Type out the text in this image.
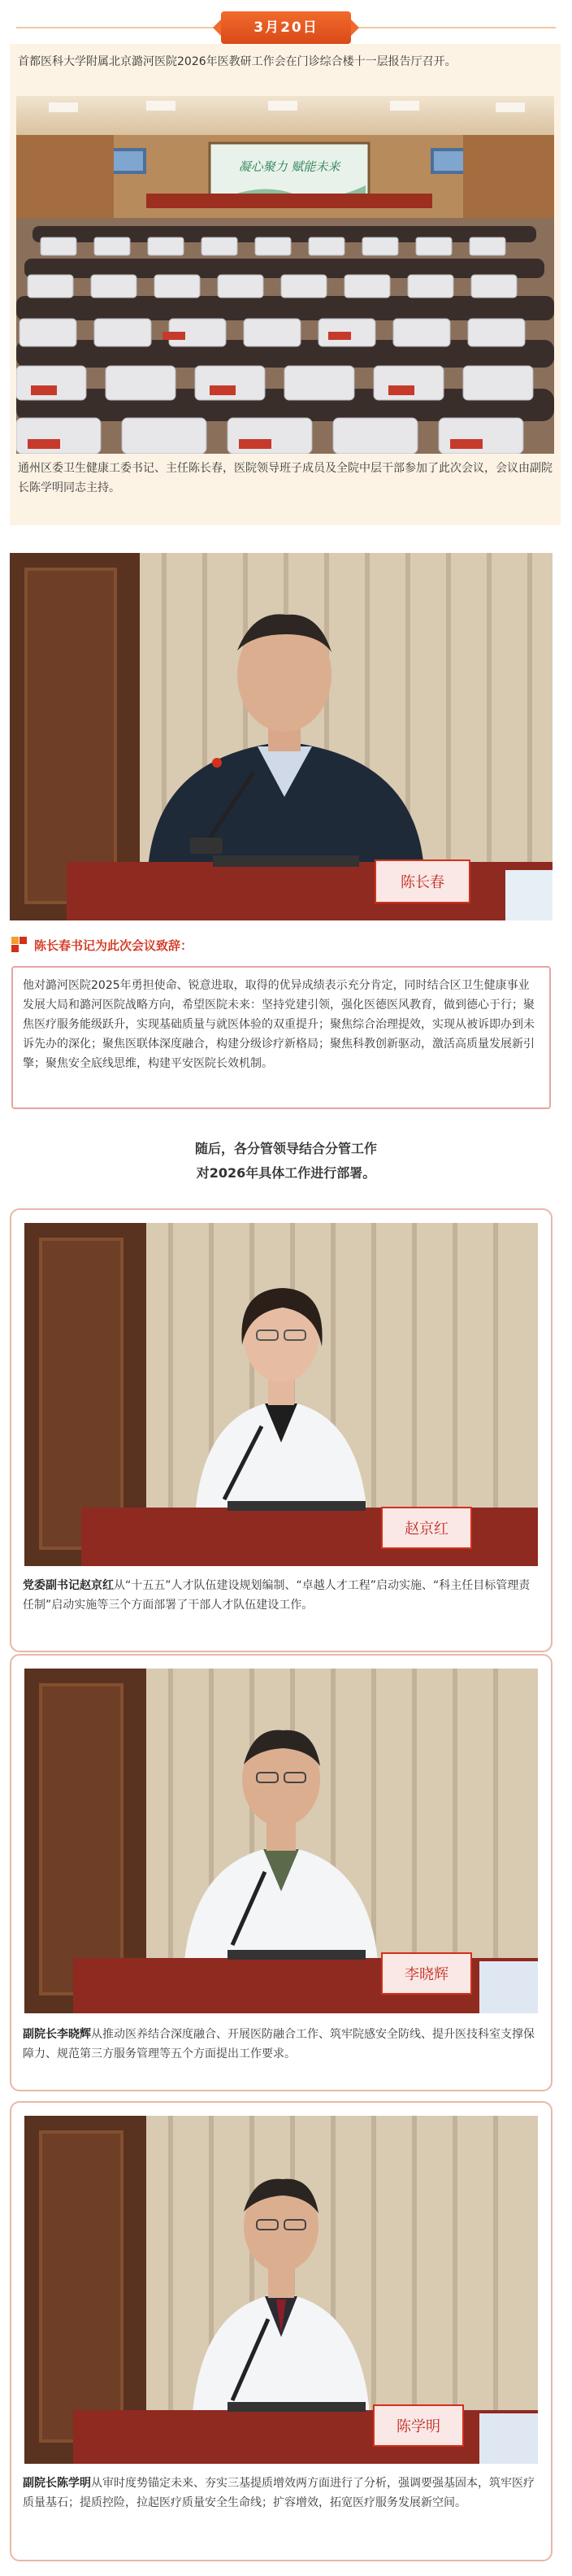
3月20日

首都医科大学附属北京潞河医院2026年医教研工作会在门诊综合楼十一层报告厅召开。

凝心聚力 赋能未来

通州区委卫生健康工委书记、主任陈长春，医院领导班子成员及全院中层干部参加了此次会议，会议由副院长陈学明同志主持。

陈长春
陈长春书记为此次会议致辞：

他对潞河医院2025年勇担使命、锐意进取，取得的优异成绩表示充分肯定，同时结合区卫生健康事业发展大局和潞河医院战略方向，希望医院未来：坚持党建引领，强化医德医风教育，做到德心于行；聚焦医疗服务能级跃升，实现基础质量与就医体验的双重提升；聚焦综合治理提效，实现从被诉即办到未诉先办的深化；聚焦医联体深度融合，构建分级诊疗新格局；聚焦科教创新驱动，激活高质量发展新引擎；聚焦安全底线思维，构建平安医院长效机制。

随后，各分管领导结合分管工作
对2026年具体工作进行部署。
赵京红

党委副书记赵京红从“十五五”人才队伍建设规划编制、“卓越人才工程”启动实施、“科主任目标管理责任制”启动实施等三个方面部署了干部人才队伍建设工作。

李晓辉

副院长李晓辉从推动医养结合深度融合、开展医防融合工作、筑牢院感安全防线、提升医技科室支撑保障力、规范第三方服务管理等五个方面提出工作要求。

陈学明

副院长陈学明从审时度势锚定未来、夯实三基提质增效两方面进行了分析，强调要强基固本，筑牢医疗质量基石；提质控险，拉起医疗质量安全生命线；扩容增效，拓宽医疗服务发展新空间。
